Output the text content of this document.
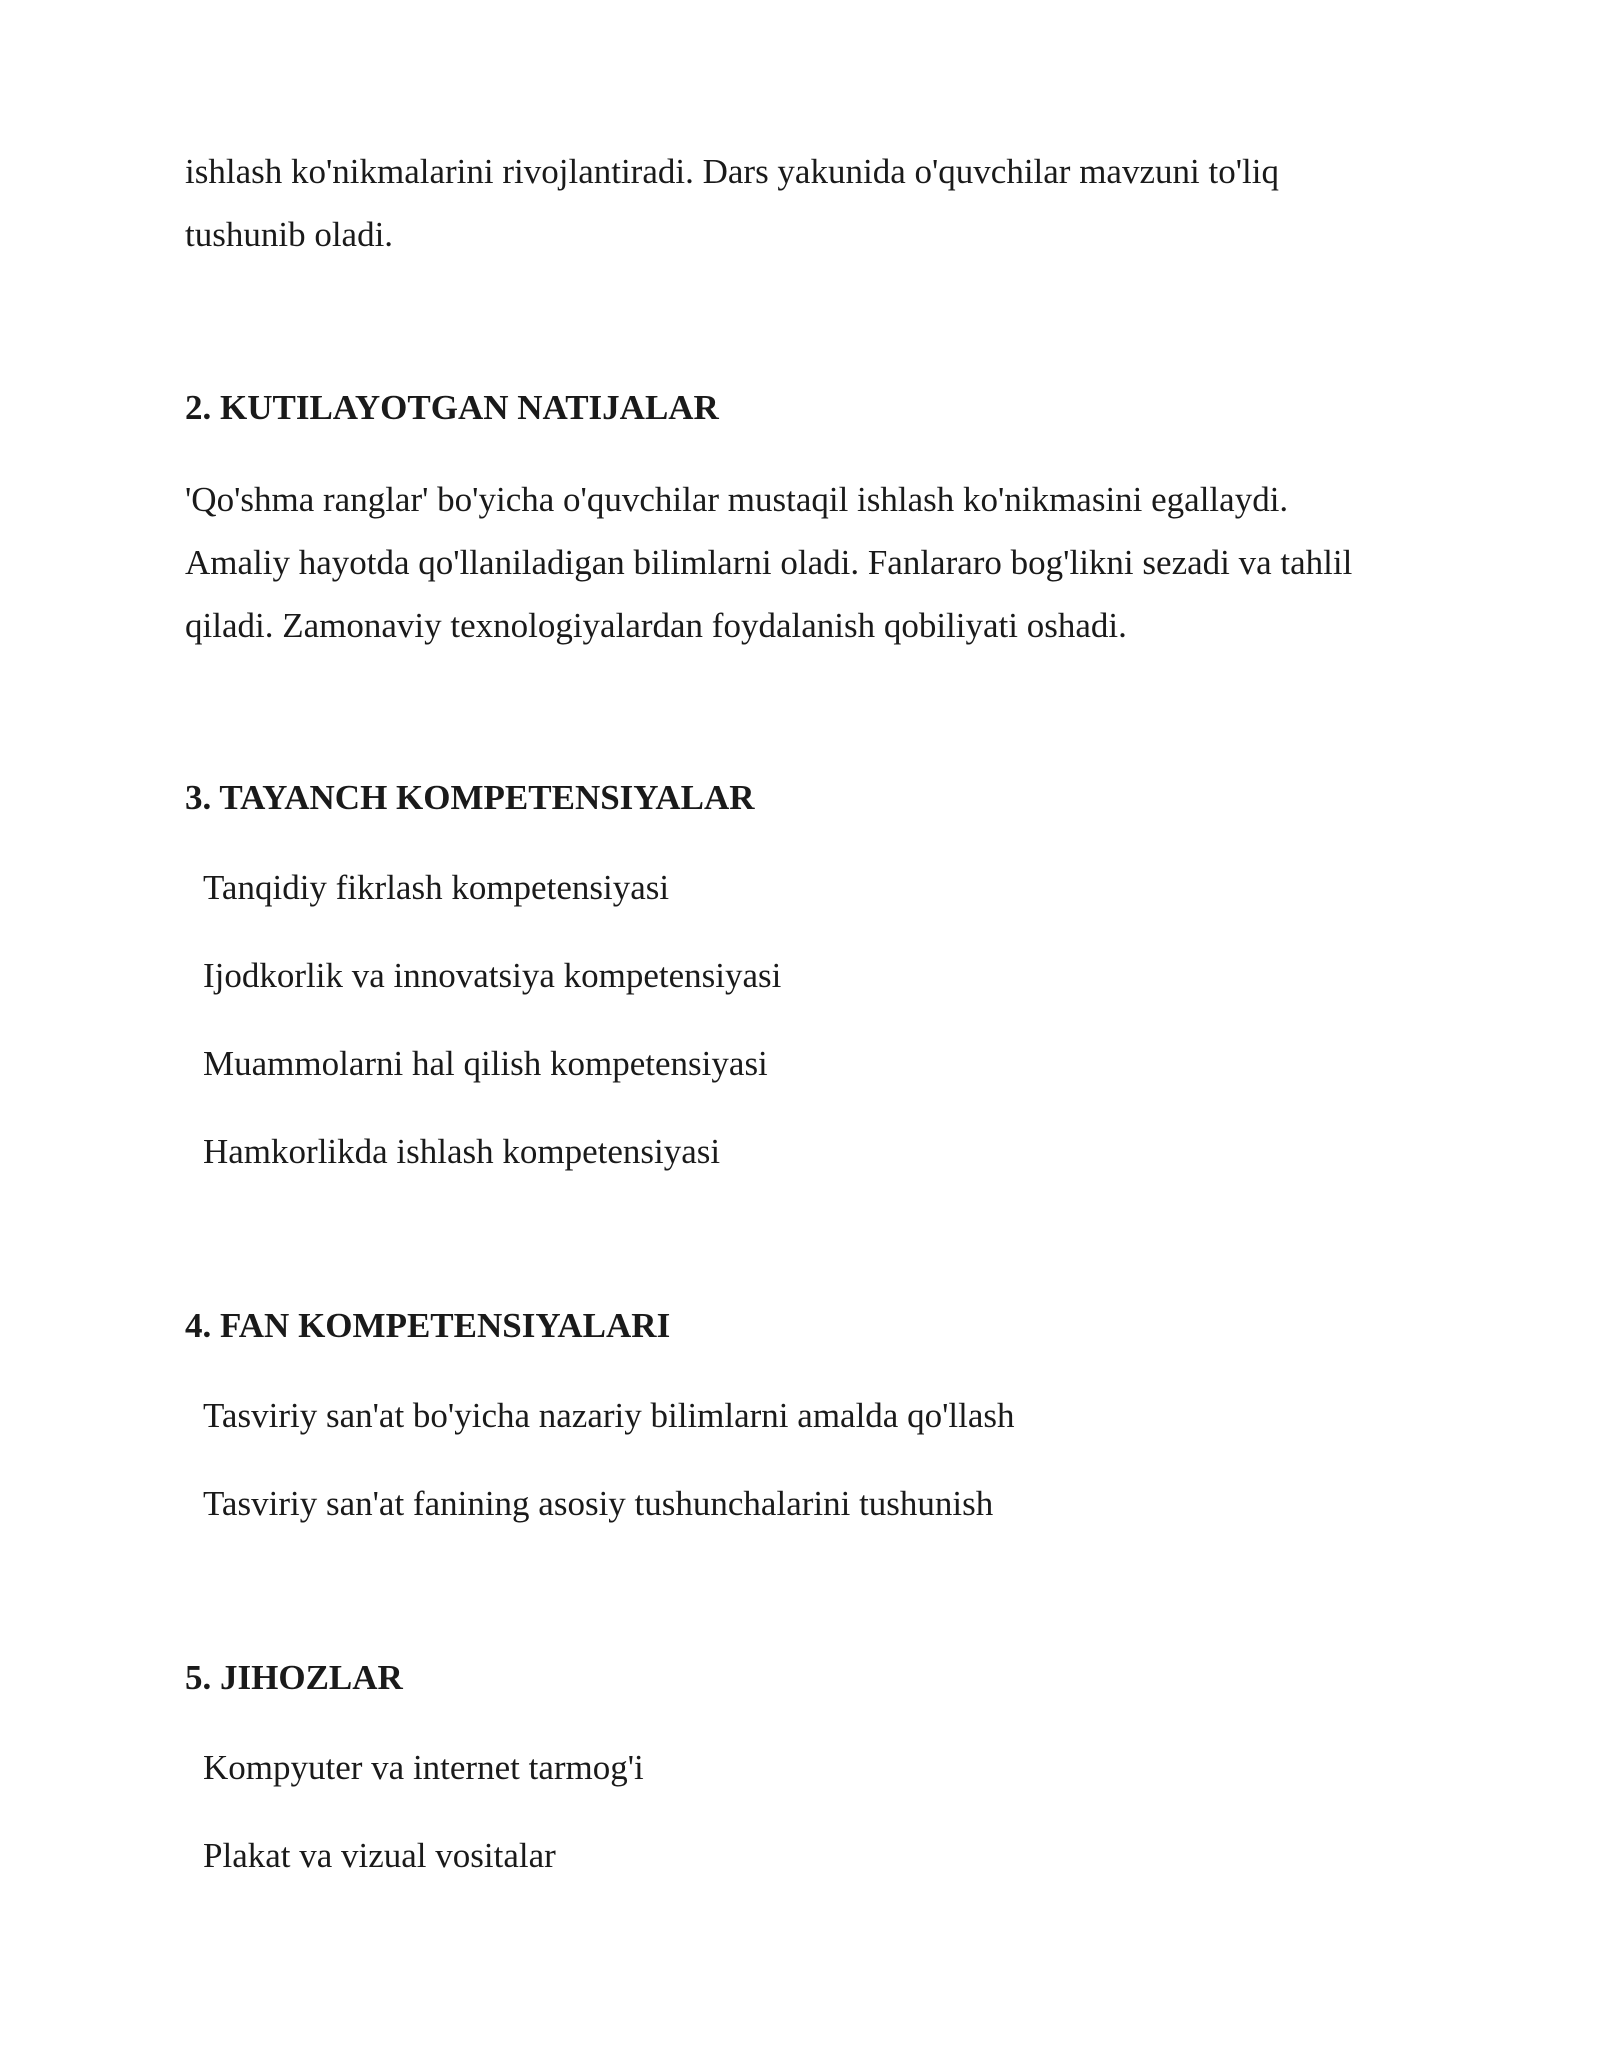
ishlash ko'nikmalarini rivojlantiradi. Dars yakunida o'quvchilar mavzuni to'liq
tushunib oladi.

2. KUTILAYOTGAN NATIJALAR

'Qo'shma ranglar' bo'yicha o'quvchilar mustaqil ishlash ko'nikmasini egallaydi.
Amaliy hayotda qo'llaniladigan bilimlarni oladi. Fanlararo bog'likni sezadi va tahlil
qiladi. Zamonaviy texnologiyalardan foydalanish qobiliyati oshadi.

3. TAYANCH KOMPETENSIYALAR

Tanqidiy fikrlash kompetensiyasi

Ijodkorlik va innovatsiya kompetensiyasi

Muammolarni hal qilish kompetensiyasi

Hamkorlikda ishlash kompetensiyasi

4. FAN KOMPETENSIYALARI

Tasviriy san'at bo'yicha nazariy bilimlarni amalda qo'llash

Tasviriy san'at fanining asosiy tushunchalarini tushunish

5. JIHOZLAR

Kompyuter va internet tarmog'i

Plakat va vizual vositalar
